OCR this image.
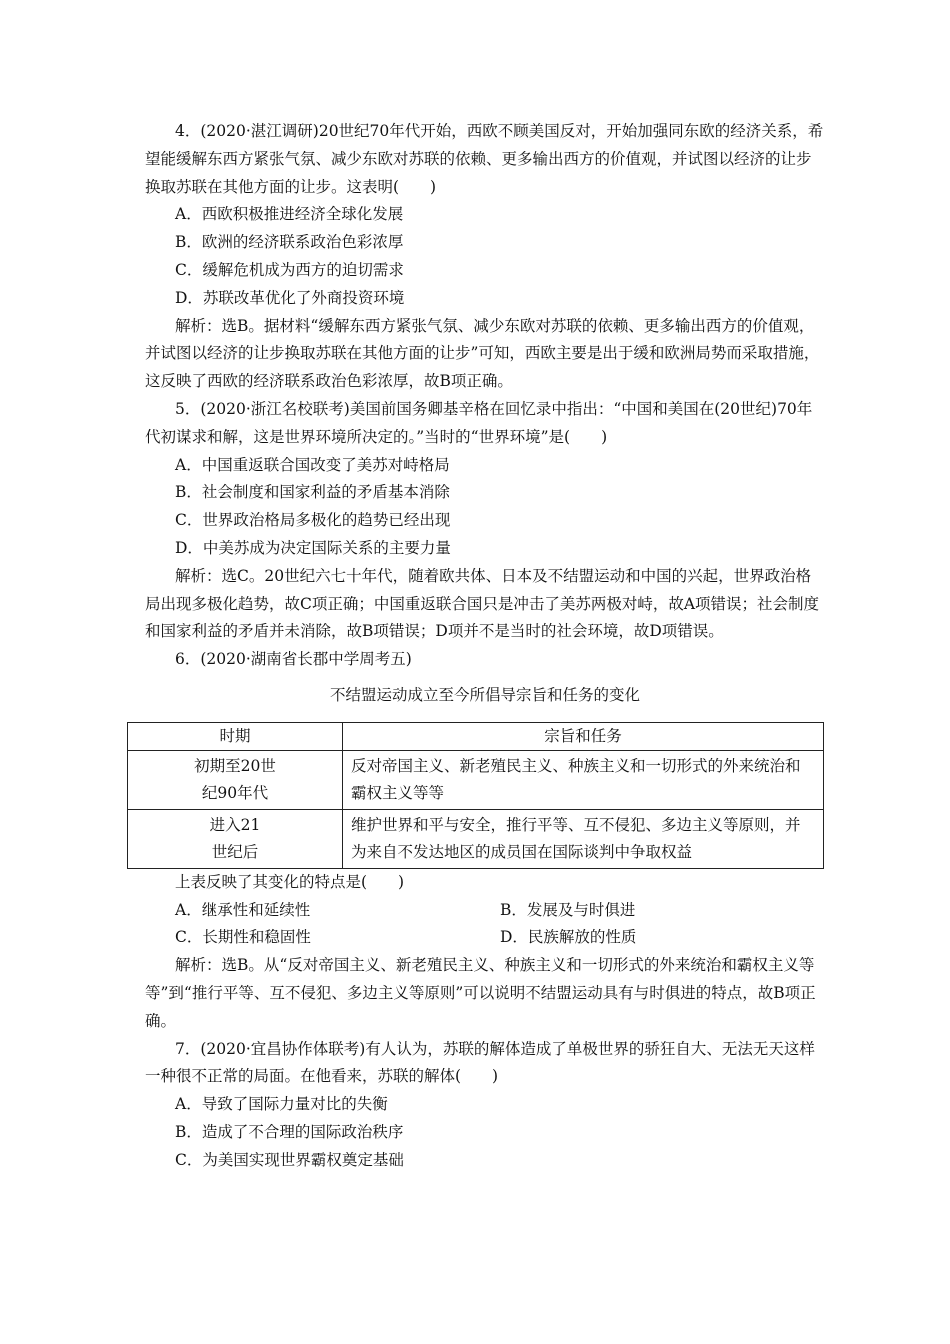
4．(2020·湛江调研)20世纪70年代开始，西欧不顾美国反对，开始加强同东欧的经济关系，希望能缓解东西方紧张气氛、减少东欧对苏联的依赖、更多输出西方的价值观，并试图以经济的让步换取苏联在其他方面的让步。这表明(　　)

A．西欧积极推进经济全球化发展

B．欧洲的经济联系政治色彩浓厚

C．缓解危机成为西方的迫切需求

D．苏联改革优化了外商投资环境

解析：选B。据材料“缓解东西方紧张气氛、减少东欧对苏联的依赖、更多输出西方的价值观，并试图以经济的让步换取苏联在其他方面的让步”可知，西欧主要是出于缓和欧洲局势而采取措施，这反映了西欧的经济联系政治色彩浓厚，故B项正确。

5．(2020·浙江名校联考)美国前国务卿基辛格在回忆录中指出：“中国和美国在(20世纪)70年代初谋求和解，这是世界环境所决定的。”当时的“世界环境”是(　　)

A．中国重返联合国改变了美苏对峙格局

B．社会制度和国家利益的矛盾基本消除

C．世界政治格局多极化的趋势已经出现

D．中美苏成为决定国际关系的主要力量

解析：选C。20世纪六七十年代，随着欧共体、日本及不结盟运动和中国的兴起，世界政治格局出现多极化趋势，故C项正确；中国重返联合国只是冲击了美苏两极对峙，故A项错误；社会制度和国家利益的矛盾并未消除，故B项错误；D项并不是当时的社会环境，故D项错误。

6．(2020·湖南省长郡中学周考五)

不结盟运动成立至今所倡导宗旨和任务的变化

时期	宗旨和任务

初期至20世
纪90年代	反对帝国主义、新老殖民主义、种族主义和一切形式的外来统治和霸权主义等等

进入21
世纪后	维护世界和平与安全，推行平等、互不侵犯、多边主义等原则，并为来自不发达地区的成员国在国际谈判中争取权益

上表反映了其变化的特点是(　　)

A．继承性和延续性	B．发展及与时俱进
C．长期性和稳固性	D．民族解放的性质

解析：选B。从“反对帝国主义、新老殖民主义、种族主义和一切形式的外来统治和霸权主义等等”到“推行平等、互不侵犯、多边主义等原则”可以说明不结盟运动具有与时俱进的特点，故B项正确。

7．(2020·宜昌协作体联考)有人认为，苏联的解体造成了单极世界的骄狂自大、无法无天这样一种很不正常的局面。在他看来，苏联的解体(　　)

A．导致了国际力量对比的失衡

B．造成了不合理的国际政治秩序

C．为美国实现世界霸权奠定基础
